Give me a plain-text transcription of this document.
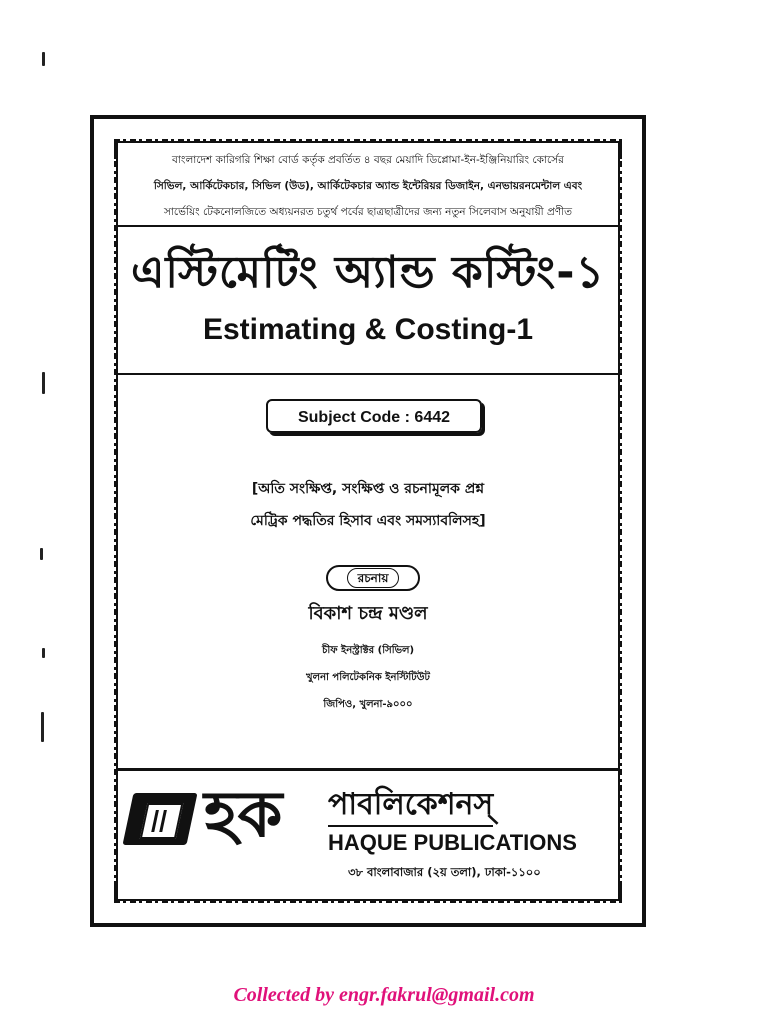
বাংলাদেশ কারিগরি শিক্ষা বোর্ড কর্তৃক প্রবর্তিত ৪ বছর মেয়াদি ডিপ্লোমা-ইন-ইঞ্জিনিয়ারিং কোর্সের
সিভিল, আর্কিটেকচার, সিভিল (উড), আর্কিটেকচার অ্যান্ড ইন্টেরিয়র ডিজাইন, এনভায়রনমেন্টাল এবং
সার্ভেয়িং টেকনোলজিতে অধ্যয়নরত চতুর্থ পর্বের ছাত্রছাত্রীদের জন্য নতুন সিলেবাস অনুযায়ী প্রণীত
এস্টিমেটিং অ্যান্ড কস্টিং-১
Estimating & Costing-1
Subject Code : 6442
[অতি সংক্ষিপ্ত, সংক্ষিপ্ত ও রচনামূলক প্রশ্ন
মেট্রিক পদ্ধতির হিসাব এবং সমস্যাবলিসহ]
রচনায়
বিকাশ চন্দ্র মণ্ডল
চীফ ইনস্ট্রাক্টর (সিভিল)
খুলনা পলিটেকনিক ইনস্টিটিউট
জিপিও, খুলনা-৯০০০
হক পাবলিকেশনস্
HAQUE PUBLICATIONS
৩৮ বাংলাবাজার (২য় তলা), ঢাকা-১১০০
Collected by engr.fakrul@gmail.com
